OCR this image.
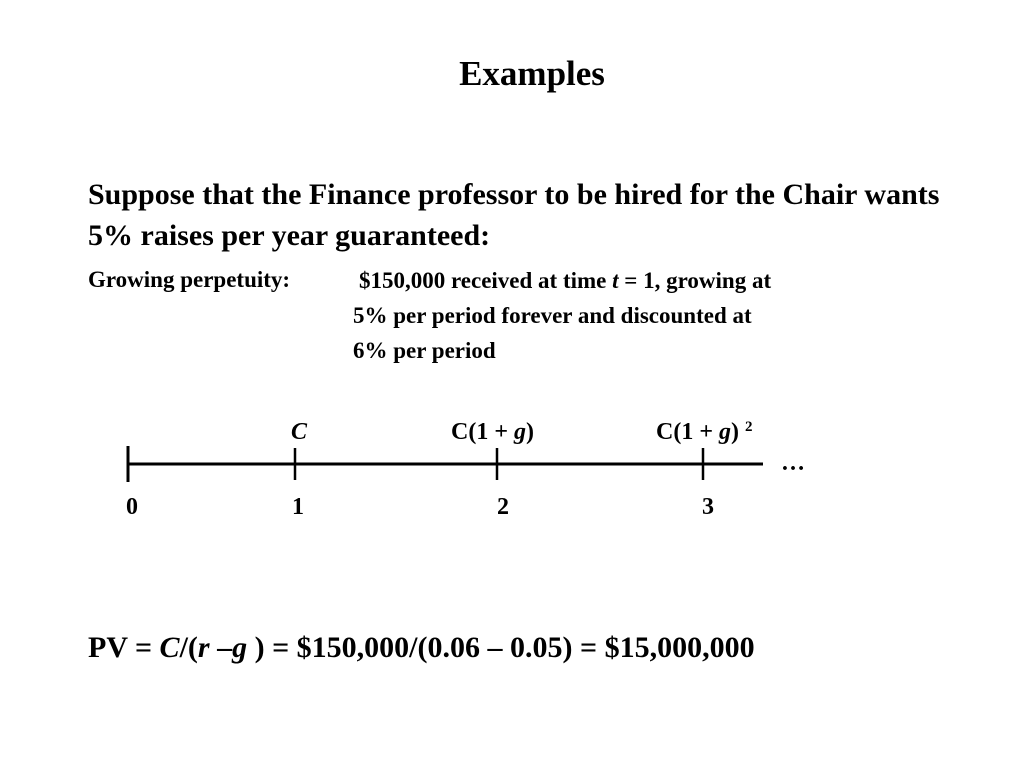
Examples
Suppose that the Finance professor to be hired for the Chair wants 5% raises per year guaranteed:
Growing perpetuity:	$150,000 received at time t = 1, growing at
5% per period forever and discounted at
6% per period
…
0	1	2	3
C	C(1 + g)	C(1 + g) $^2$
PV = C/(r –g ) = $150,000/(0.06 – 0.05) = $15,000,000
